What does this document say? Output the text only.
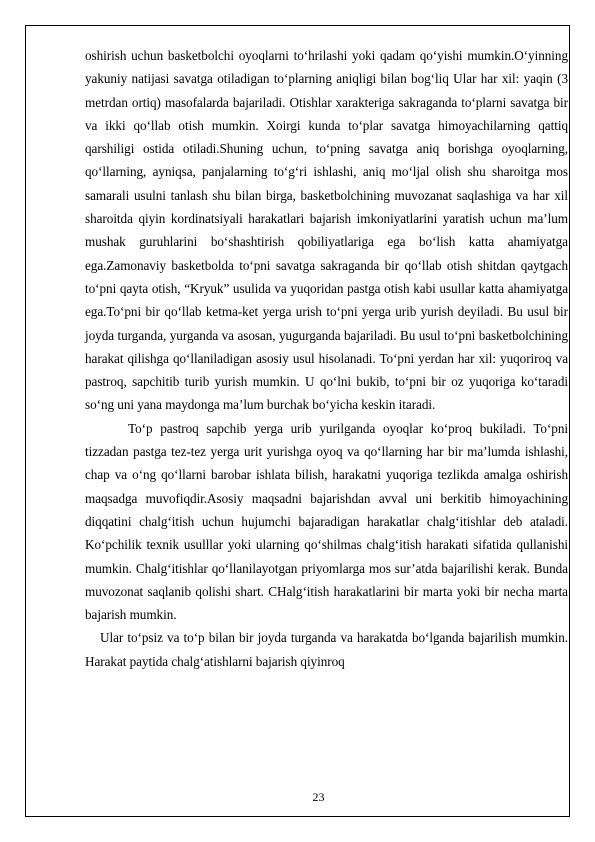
oshirish uchun basketbolchi oyoqlarni to‘hrilashi yoki qadam qo‘yishi mumkin.O‘yinning yakuniy natijasi savatga otiladigan to‘plarning aniqligi bilan bog‘liq Ular har xil: yaqin (3 metrdan ortiq) masofalarda bajariladi. Otishlar xarakteriga sakraganda to‘plarni savatga bir va ikki qo‘llab otish mumkin. Xoirgi kunda to‘plar savatga himoyachilarning qattiq qarshiligi ostida otiladi.Shuning uchun, to‘pning savatga aniq borishga oyoqlarning, qo‘llarning, ayniqsa, panjalarning to‘g‘ri ishlashi, aniq mo‘ljal olish shu sharoitga mos samarali usulni tanlash shu bilan birga, basketbolchining muvozanat saqlashiga va har xil sharoitda qiyin kordinatsiyali harakatlari bajarish imkoniyatlarini yaratish uchun ma’lum mushak guruhlarini bo‘shashtirish qobiliyatlariga ega bo‘lish katta ahamiyatga ega.Zamonaviy basketbolda to‘pni savatga sakraganda bir qo‘llab otish shitdan qaytgach to‘pni qayta otish, “Kryuk” usulida va yuqoridan pastga otish kabi usullar katta ahamiyatga ega.To‘pni bir qo‘llab ketma-ket yerga urish to‘pni yerga urib yurish deyiladi. Bu usul bir joyda turganda, yurganda va asosan, yugurganda bajariladi. Bu usul to‘pni basketbolchining harakat qilishga qo‘llaniladigan asosiy usul hisolanadi. To‘pni yerdan har xil: yuqoriroq va pastroq, sapchitib turib yurish mumkin. U qo‘lni bukib, to‘pni bir oz yuqoriga ko‘taradi so‘ng uni yana maydonga ma’lum burchak bo‘yicha keskin itaradi.

To‘p pastroq sapchib yerga urib yurilganda oyoqlar ko‘proq bukiladi. To‘pni tizzadan pastga tez-tez yerga urit yurishga oyoq va qo‘llarning har bir ma’lumda ishlashi, chap va o‘ng qo‘llarni barobar ishlata bilish, harakatni yuqoriga tezlikda amalga oshirish maqsadga muvofiqdir.Asosiy maqsadni bajarishdan avval uni berkitib himoyachining diqqatini chalg‘itish uchun hujumchi bajaradigan harakatlar chalg‘itishlar deb ataladi. Ko‘pchilik texnik usulllar yoki ularning qo‘shilmas chalg‘itish harakati sifatida qullanishi mumkin. Chalg‘itishlar qo‘llanilayotgan priyomlarga mos sur’atda bajarilishi kerak. Bunda muvozonat saqlanib qolishi shart. CHalg‘itish harakatlarini bir marta yoki bir necha marta bajarish mumkin.

Ular to‘psiz va to‘p bilan bir joyda turganda va harakatda bo‘lganda bajarilish mumkin. Harakat paytida chalg‘atishlarni bajarish qiyinroq

23
